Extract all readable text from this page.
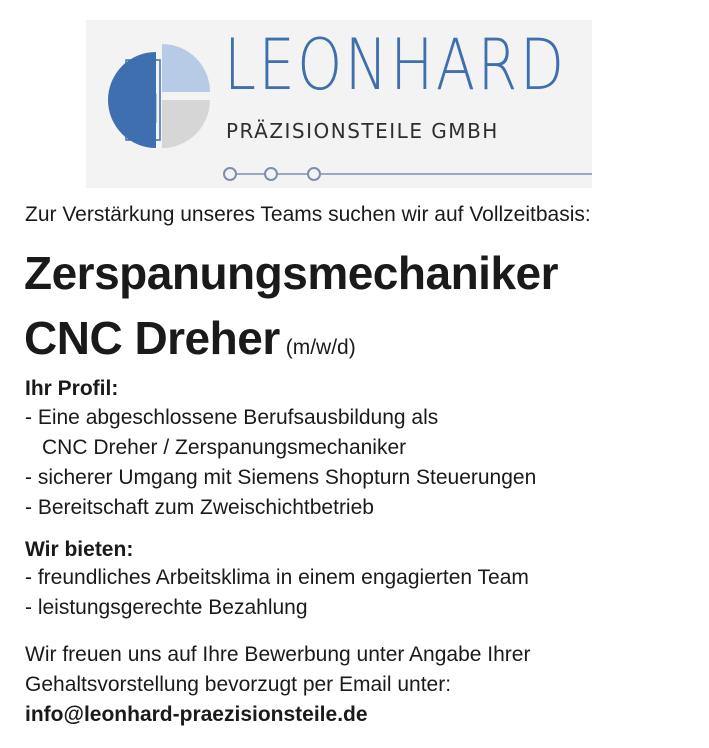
M
LEONHARD
PRÄZISIONSTEILE GMBH
Zur Verstärkung unseres Teams suchen wir auf Vollzeitbasis:
Zerspanungsmechaniker
CNC Dreher (m/w/d)
Ihr Profil:
- Eine abgeschlossene Berufsausbildung als
CNC Dreher / Zerspanungsmechaniker
- sicherer Umgang mit Siemens Shopturn Steuerungen
- Bereitschaft zum Zweischichtbetrieb
Wir bieten:
- freundliches Arbeitsklima in einem engagierten Team
- leistungsgerechte Bezahlung
Wir freuen uns auf Ihre Bewerbung unter Angabe Ihrer
Gehaltsvorstellung bevorzugt per Email unter:
info@leonhard-praezisionsteile.de
